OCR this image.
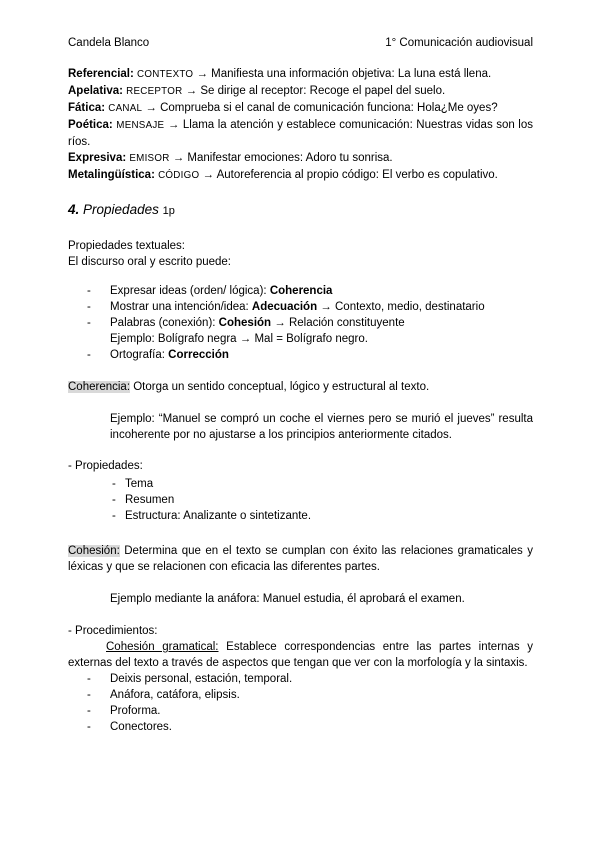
Candela Blanco	1° Comunicación audiovisual
Referencial: CONTEXTO → Manifiesta una información objetiva: La luna está llena.
Apelativa: RECEPTOR → Se dirige al receptor: Recoge el papel del suelo.
Fática: CANAL → Comprueba si el canal de comunicación funciona: Hola¿Me oyes?
Poética: MENSAJE → Llama la atención y establece comunicación: Nuestras vidas son los ríos.
Expresiva: EMISOR → Manifestar emociones: Adoro tu sonrisa.
Metalingüística: CÓDIGO → Autoreferencia al propio código: El verbo es copulativo.
4. Propiedades 1p
Propiedades textuales:
El discurso oral y escrito puede:
- Expresar ideas (orden/ lógica): Coherencia
- Mostrar una intención/idea: Adecuación → Contexto, medio, destinatario
- Palabras (conexión): Cohesión → Relación constituyente
Ejemplo: Bolígrafo negra → Mal = Bolígrafo negro.
- Ortografía: Corrección
Coherencia: Otorga un sentido conceptual, lógico y estructural al texto.
Ejemplo: “Manuel se compró un coche el viernes pero se murió el jueves” resulta incoherente por no ajustarse a los principios anteriormente citados.
- Propiedades:
- Tema
- Resumen
- Estructura: Analizante o sintetizante.
Cohesión: Determina que en el texto se cumplan con éxito las relaciones gramaticales y léxicas y que se relacionen con eficacia las diferentes partes.
Ejemplo mediante la anáfora: Manuel estudia, él aprobará el examen.
- Procedimientos:
Cohesión gramatical: Establece correspondencias entre las partes internas y externas del texto a través de aspectos que tengan que ver con la morfología y la sintaxis.
- Deixis personal, estación, temporal.
- Anáfora, catáfora, elipsis.
- Proforma.
- Conectores.
